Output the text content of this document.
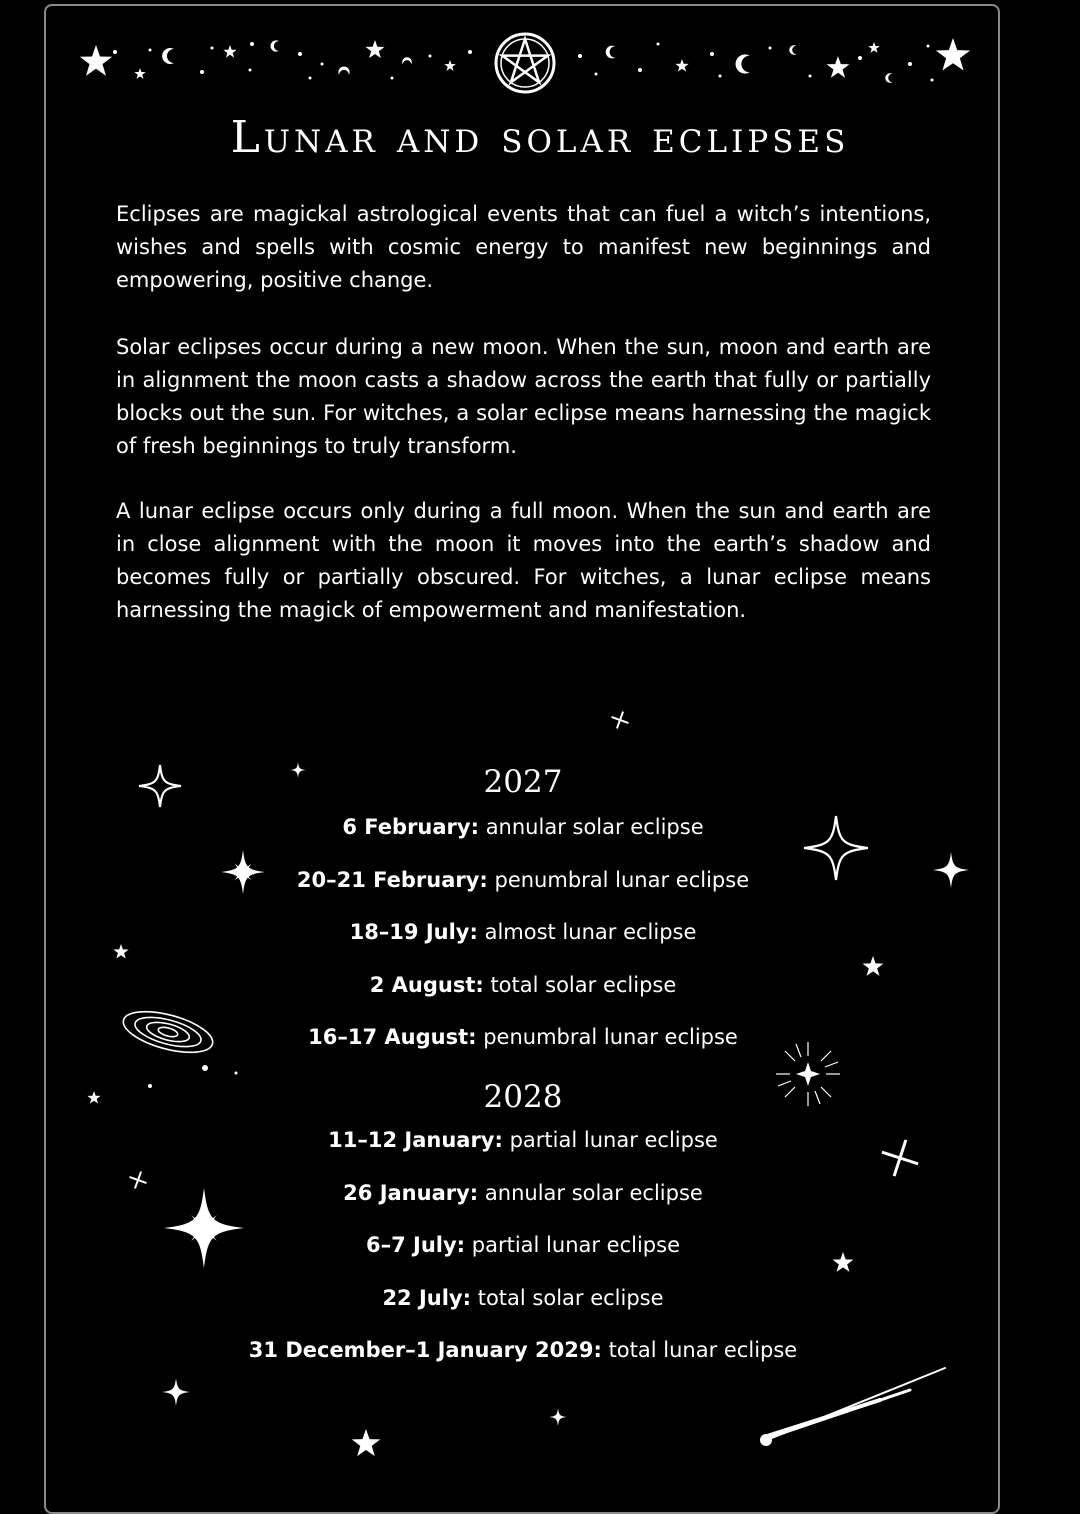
Lunar and solar eclipses

Eclipses are magickal astrological events that can fuel a witch’s intentions, wishes and spells with cosmic energy to manifest new beginnings and empowering, positive change.

Solar eclipses occur during a new moon. When the sun, moon and earth are in alignment the moon casts a shadow across the earth that fully or partially blocks out the sun. For witches, a solar eclipse means harnessing the magick of fresh beginnings to truly transform.

A lunar eclipse occurs only during a full moon. When the sun and earth are in close alignment with the moon it moves into the earth’s shadow and becomes fully or partially obscured. For witches, a lunar eclipse means harnessing the magick of empowerment and manifestation.

2027
6 February: annular solar eclipse
20–21 February: penumbral lunar eclipse
18–19 July: almost lunar eclipse
2 August: total solar eclipse
16–17 August: penumbral lunar eclipse
2028
11–12 January: partial lunar eclipse
26 January: annular solar eclipse
6–7 July: partial lunar eclipse
22 July: total solar eclipse
31 December–1 January 2029: total lunar eclipse
